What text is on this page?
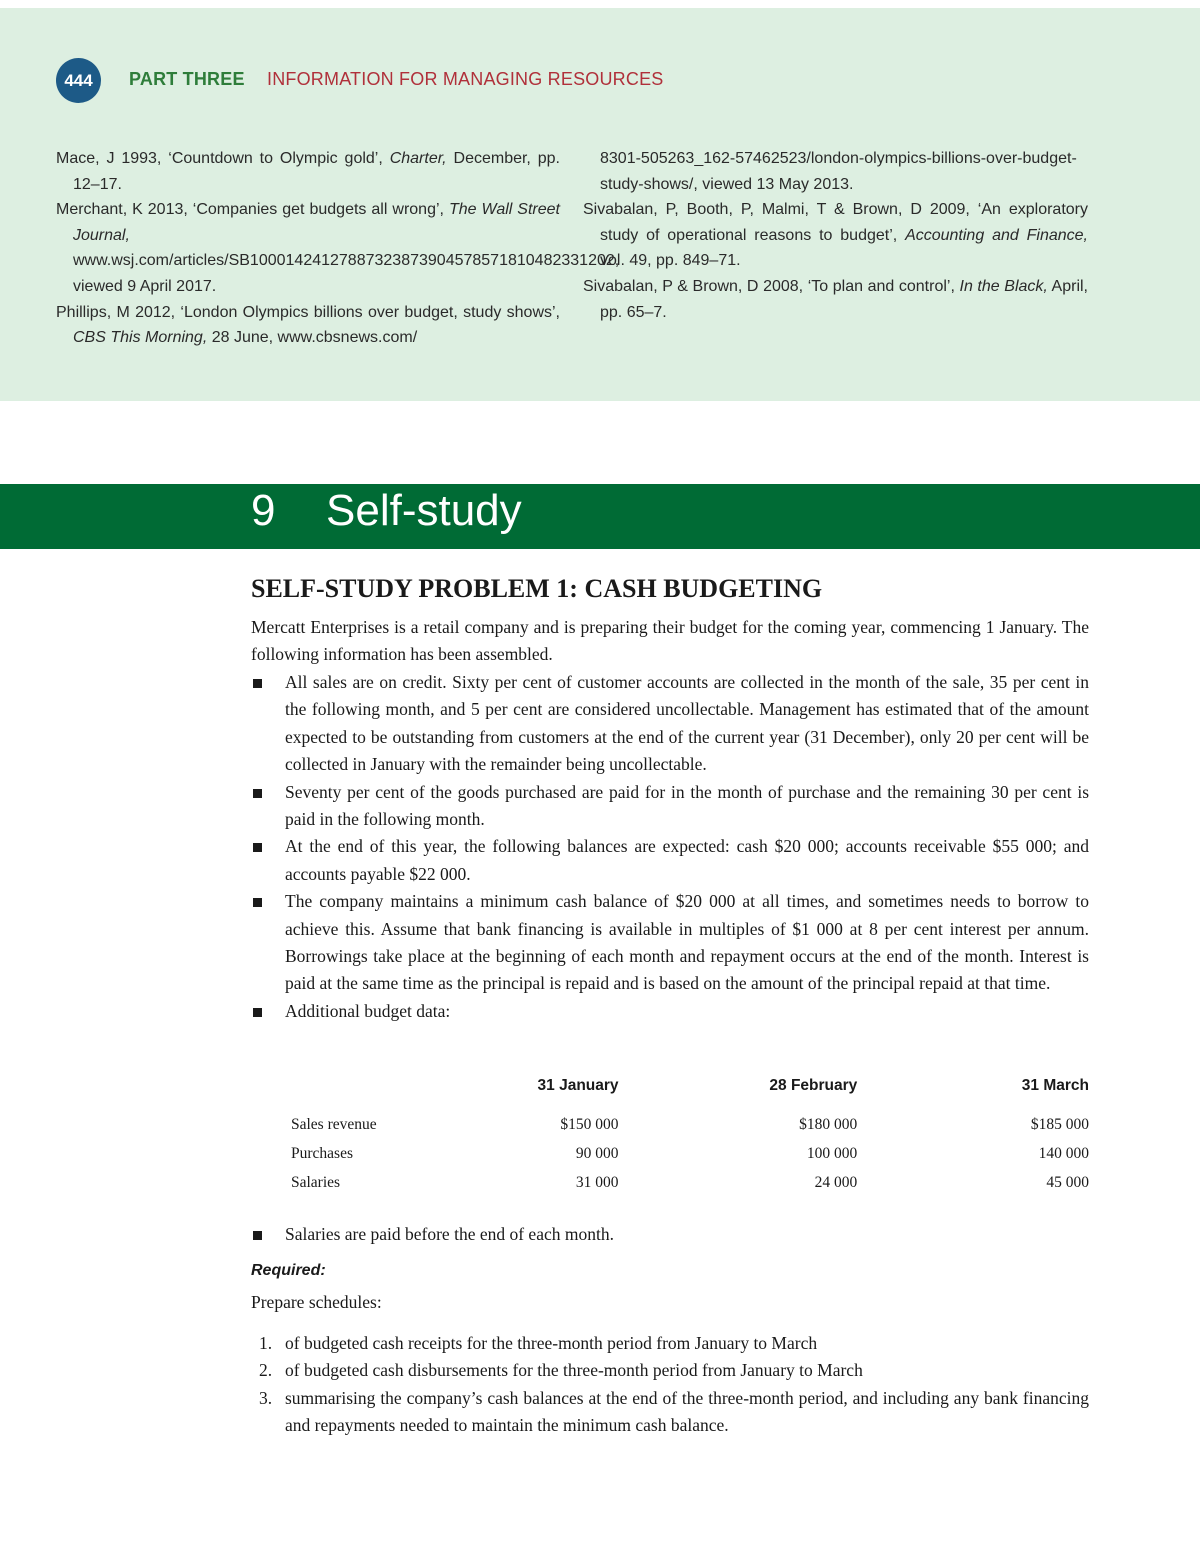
444	PART THREE INFORMATION FOR MANAGING RESOURCES
Mace, J 1993, ‘Countdown to Olympic gold’, Charter, December, pp. 12–17.
Merchant, K 2013, ‘Companies get budgets all wrong’, The Wall Street Journal, www.wsj.com/articles/SB10001424127887323873904578571810482331202, viewed 9 April 2017.
Phillips, M 2012, ‘London Olympics billions over budget, study shows’, CBS This Morning, 28 June, www.cbsnews.com/
8301-505263_162-57462523/london-olympics-billions-over-budget-study-shows/, viewed 13 May 2013.
Sivabalan, P, Booth, P, Malmi, T & Brown, D 2009, ‘An exploratory study of operational reasons to budget’, Accounting and Finance, vol. 49, pp. 849–71.
Sivabalan, P & Brown, D 2008, ‘To plan and control’, In the Black, April, pp. 65–7.
9 Self-study
SELF-STUDY PROBLEM 1: CASH BUDGETING
Mercatt Enterprises is a retail company and is preparing their budget for the coming year, commencing 1 January. The following information has been assembled.
All sales are on credit. Sixty per cent of customer accounts are collected in the month of the sale, 35 per cent in the following month, and 5 per cent are considered uncollectable. Management has estimated that of the amount expected to be outstanding from customers at the end of the current year (31 December), only 20 per cent will be collected in January with the remainder being uncollectable.
Seventy per cent of the goods purchased are paid for in the month of purchase and the remaining 30 per cent is paid in the following month.
At the end of this year, the following balances are expected: cash $20 000; accounts receivable $55 000; and accounts payable $22 000.
The company maintains a minimum cash balance of $20 000 at all times, and sometimes needs to borrow to achieve this. Assume that bank financing is available in multiples of $1 000 at 8 per cent interest per annum. Borrowings take place at the beginning of each month and repayment occurs at the end of the month. Interest is paid at the same time as the principal is repaid and is based on the amount of the principal repaid at that time.
Additional budget data:
	31 January	28 February	31 March
Sales revenue	$150 000	$180 000	$185 000
Purchases	90 000	100 000	140 000
Salaries	31 000	24 000	45 000
Salaries are paid before the end of each month.
Required:
Prepare schedules:
1. of budgeted cash receipts for the three-month period from January to March
2. of budgeted cash disbursements for the three-month period from January to March
3. summarising the company’s cash balances at the end of the three-month period, and including any bank financing and repayments needed to maintain the minimum cash balance.
